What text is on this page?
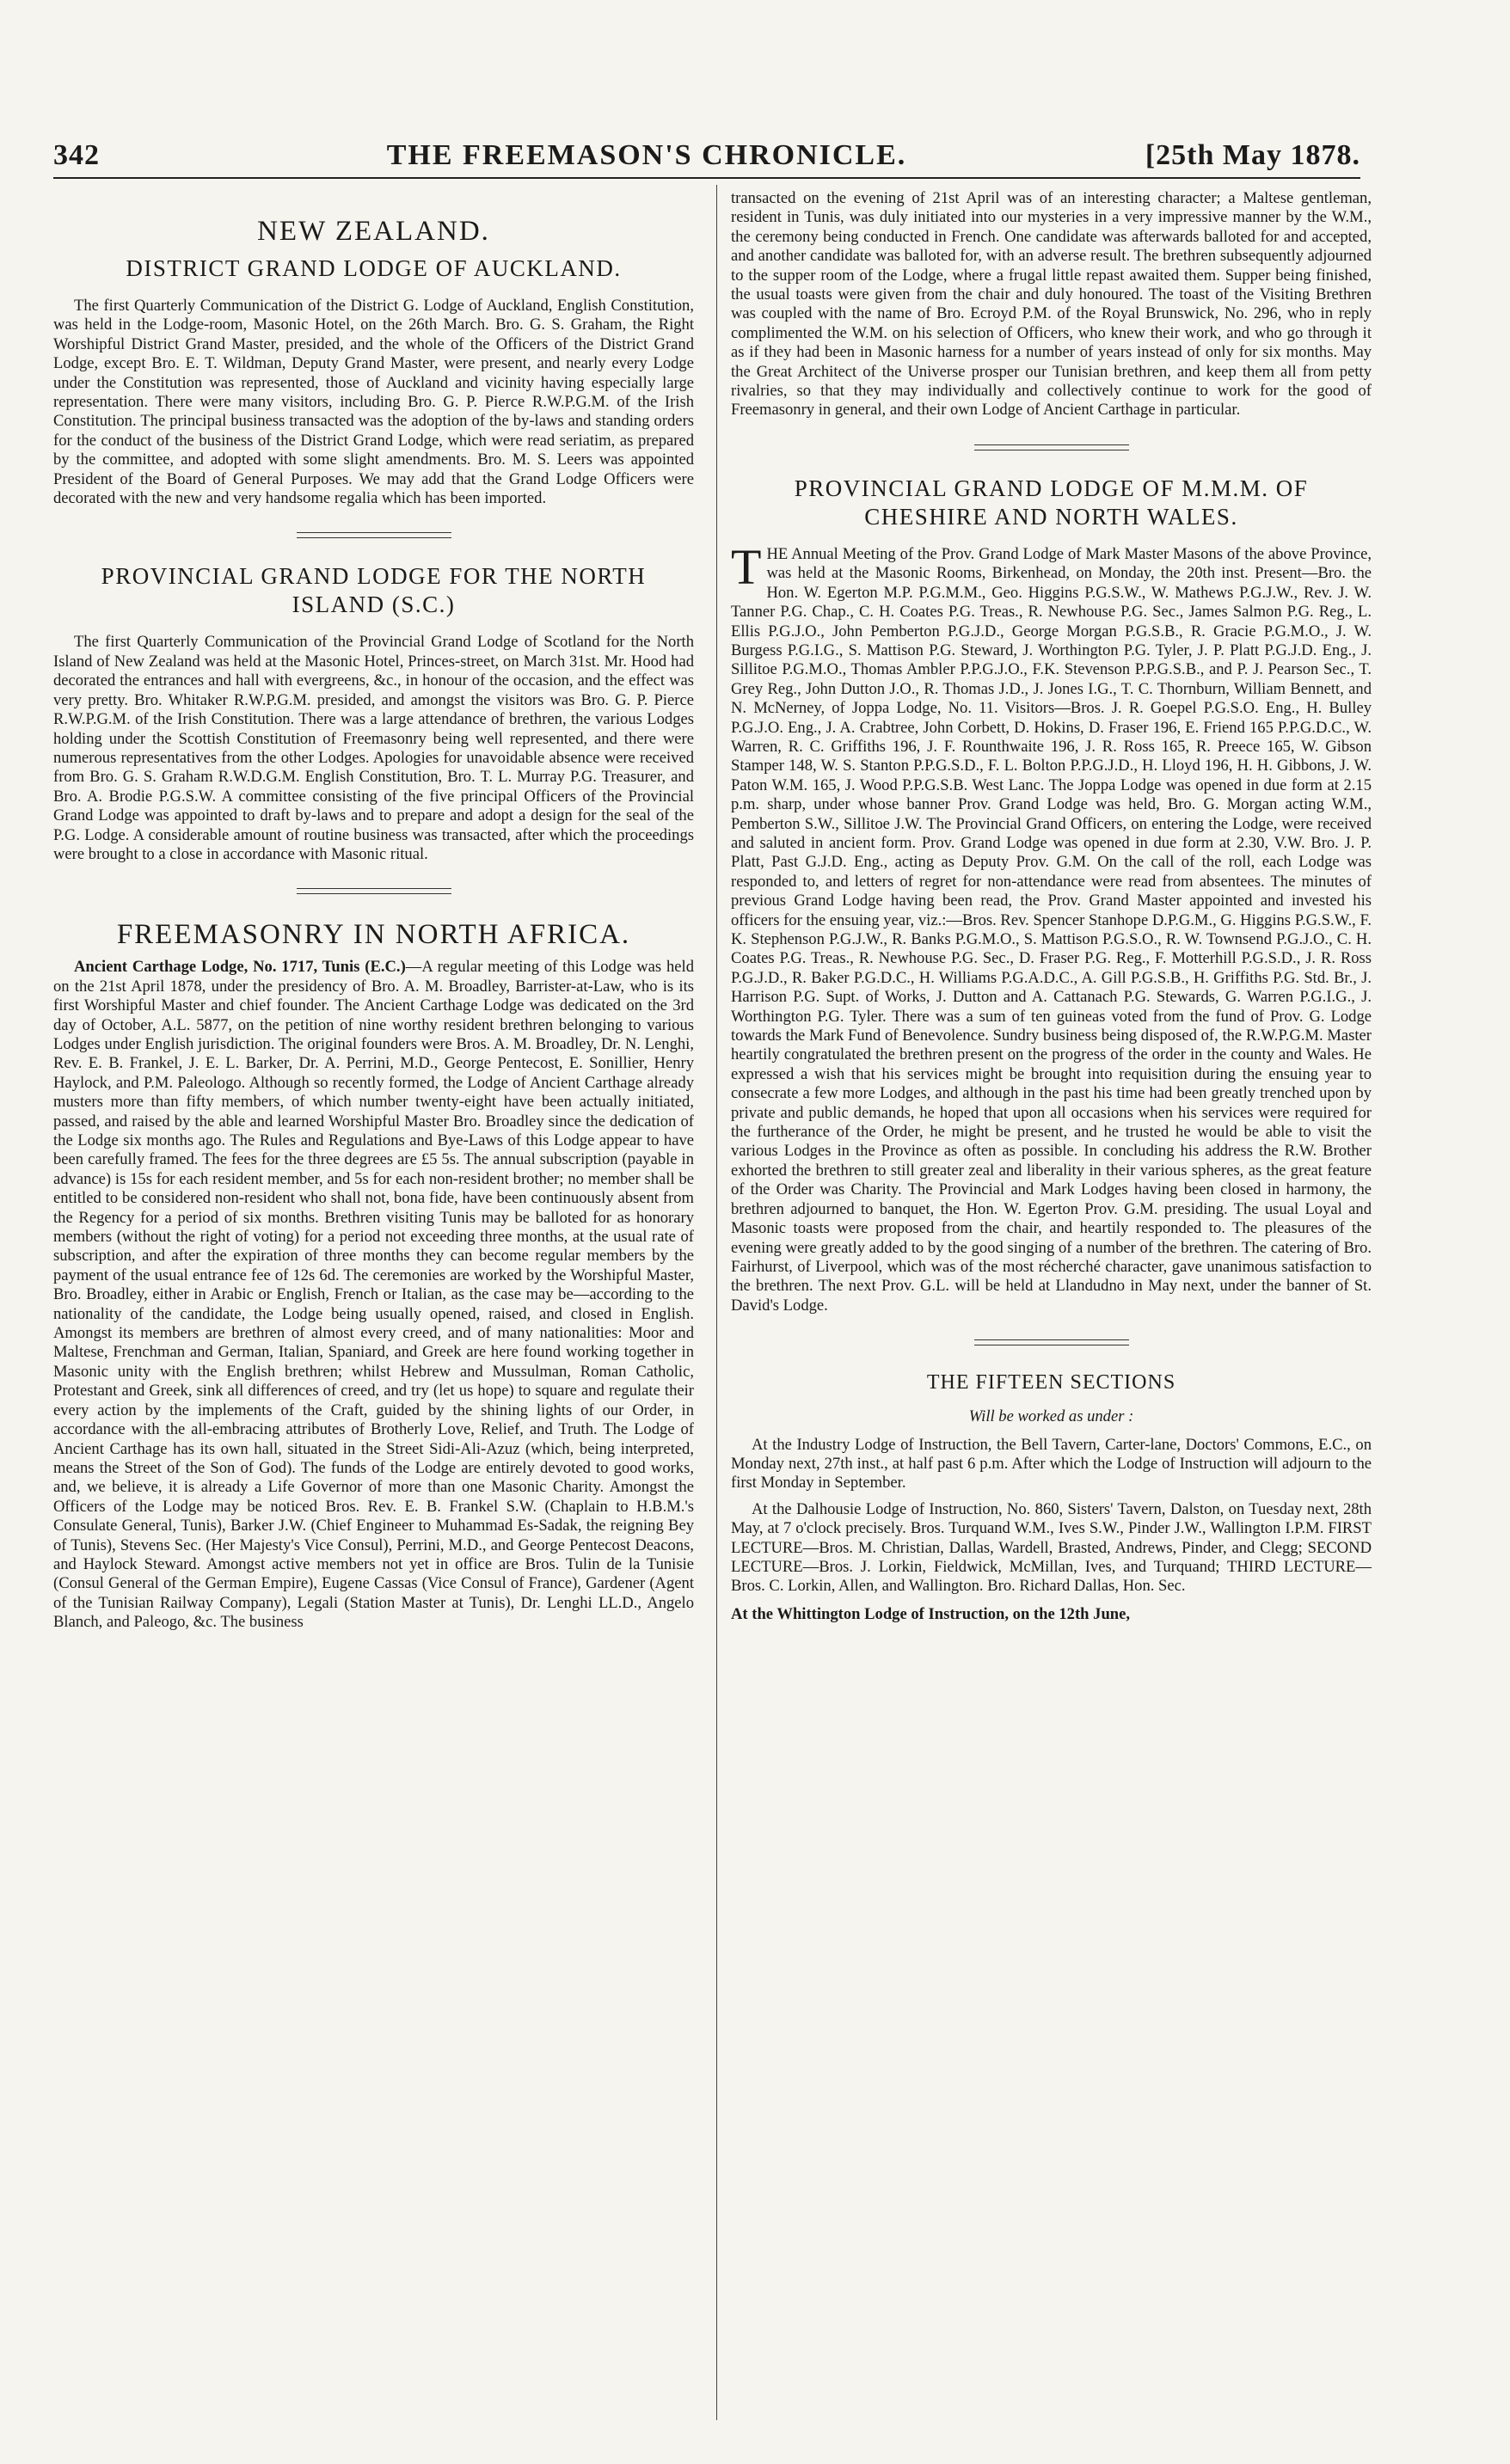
342	THE FREEMASON'S CHRONICLE.	[25th May 1878.
NEW ZEALAND.
DISTRICT GRAND LODGE OF AUCKLAND.

The first Quarterly Communication of the District G. Lodge of Auckland, English Constitution, was held in the Lodge-room, Masonic Hotel, on the 26th March. Bro. G. S. Graham, the Right Worshipful District Grand Master, presided, and the whole of the Officers of the District Grand Lodge, except Bro. E. T. Wildman, Deputy Grand Master, were present, and nearly every Lodge under the Constitution was represented, those of Auckland and vicinity having especially large representation. There were many visitors, including Bro. G. P. Pierce R.W.P.G.M. of the Irish Constitution. The principal business transacted was the adoption of the by-laws and standing orders for the conduct of the business of the District Grand Lodge, which were read seriatim, as prepared by the committee, and adopted with some slight amendments. Bro. M. S. Leers was appointed President of the Board of General Purposes. We may add that the Grand Lodge Officers were decorated with the new and very handsome regalia which has been imported.

PROVINCIAL GRAND LODGE FOR THE NORTH ISLAND (S.C.)

The first Quarterly Communication of the Provincial Grand Lodge of Scotland for the North Island of New Zealand was held at the Masonic Hotel, Princes-street, on March 31st. Mr. Hood had decorated the entrances and hall with evergreens, &c., in honour of the occasion, and the effect was very pretty. Bro. Whitaker R.W.P.G.M. presided, and amongst the visitors was Bro. G. P. Pierce R.W.P.G.M. of the Irish Constitution. There was a large attendance of brethren, the various Lodges holding under the Scottish Constitution of Freemasonry being well represented, and there were numerous representatives from the other Lodges. Apologies for unavoidable absence were received from Bro. G. S. Graham R.W.D.G.M. English Constitution, Bro. T. L. Murray P.G. Treasurer, and Bro. A. Brodie P.G.S.W. A committee consisting of the five principal Officers of the Provincial Grand Lodge was appointed to draft by-laws and to prepare and adopt a design for the seal of the P.G. Lodge. A considerable amount of routine business was transacted, after which the proceedings were brought to a close in accordance with Masonic ritual.

FREEMASONRY IN NORTH AFRICA.

Ancient Carthage Lodge, No. 1717, Tunis (E.C.)—A regular meeting of this Lodge was held on the 21st April 1878, under the presidency of Bro. A. M. Broadley, Barrister-at-Law, who is its first Worshipful Master and chief founder. The Ancient Carthage Lodge was dedicated on the 3rd day of October, A.L. 5877, on the petition of nine worthy resident brethren belonging to various Lodges under English jurisdiction. The original founders were Bros. A. M. Broadley, Dr. N. Lenghi, Rev. E. B. Frankel, J. E. L. Barker, Dr. A. Perrini, M.D., George Pentecost, E. Sonillier, Henry Haylock, and P.M. Paleologo. Although so recently formed, the Lodge of Ancient Carthage already musters more than fifty members, of which number twenty-eight have been actually initiated, passed, and raised by the able and learned Worshipful Master Bro. Broadley since the dedication of the Lodge six months ago. The Rules and Regulations and Bye-Laws of this Lodge appear to have been carefully framed. The fees for the three degrees are £5 5s. The annual subscription (payable in advance) is 15s for each resident member, and 5s for each non-resident brother; no member shall be entitled to be considered non-resident who shall not, bona fide, have been continuously absent from the Regency for a period of six months. Brethren visiting Tunis may be balloted for as honorary members (without the right of voting) for a period not exceeding three months, at the usual rate of subscription, and after the expiration of three months they can become regular members by the payment of the usual entrance fee of 12s 6d. The ceremonies are worked by the Worshipful Master, Bro. Broadley, either in Arabic or English, French or Italian, as the case may be—according to the nationality of the candidate, the Lodge being usually opened, raised, and closed in English. Amongst its members are brethren of almost every creed, and of many nationalities: Moor and Maltese, Frenchman and German, Italian, Spaniard, and Greek are here found working together in Masonic unity with the English brethren; whilst Hebrew and Mussulman, Roman Catholic, Protestant and Greek, sink all differences of creed, and try (let us hope) to square and regulate their every action by the implements of the Craft, guided by the shining lights of our Order, in accordance with the all-embracing attributes of Brotherly Love, Relief, and Truth. The Lodge of Ancient Carthage has its own hall, situated in the Street Sidi-Ali-Azuz (which, being interpreted, means the Street of the Son of God). The funds of the Lodge are entirely devoted to good works, and, we believe, it is already a Life Governor of more than one Masonic Charity. Amongst the Officers of the Lodge may be noticed Bros. Rev. E. B. Frankel S.W. (Chaplain to H.B.M.'s Consulate General, Tunis), Barker J.W. (Chief Engineer to Muhammad Es-Sadak, the reigning Bey of Tunis), Stevens Sec. (Her Majesty's Vice Consul), Perrini, M.D., and George Pentecost Deacons, and Haylock Steward. Amongst active members not yet in office are Bros. Tulin de la Tunisie (Consul General of the German Empire), Eugene Cassas (Vice Consul of France), Gardener (Agent of the Tunisian Railway Company), Legali (Station Master at Tunis), Dr. Lenghi LL.D., Angelo Blanch, and Paleogo, &c. The business

transacted on the evening of 21st April was of an interesting character; a Maltese gentleman, resident in Tunis, was duly initiated into our mysteries in a very impressive manner by the W.M., the ceremony being conducted in French. One candidate was afterwards balloted for and accepted, and another candidate was balloted for, with an adverse result. The brethren subsequently adjourned to the supper room of the Lodge, where a frugal little repast awaited them. Supper being finished, the usual toasts were given from the chair and duly honoured. The toast of the Visiting Brethren was coupled with the name of Bro. Ecroyd P.M. of the Royal Brunswick, No. 296, who in reply complimented the W.M. on his selection of Officers, who knew their work, and who go through it as if they had been in Masonic harness for a number of years instead of only for six months. May the Great Architect of the Universe prosper our Tunisian brethren, and keep them all from petty rivalries, so that they may individually and collectively continue to work for the good of Freemasonry in general, and their own Lodge of Ancient Carthage in particular.

PROVINCIAL GRAND LODGE OF M.M.M. OF CHESHIRE AND NORTH WALES.

THE Annual Meeting of the Prov. Grand Lodge of Mark Master Masons of the above Province, was held at the Masonic Rooms, Birkenhead, on Monday, the 20th inst. Present—Bro. the Hon. W. Egerton M.P. P.G.M.M., Geo. Higgins P.G.S.W., W. Mathews P.G.J.W., Rev. J. W. Tanner P.G. Chap., C. H. Coates P.G. Treas., R. Newhouse P.G. Sec., James Salmon P.G. Reg., L. Ellis P.G.J.O., John Pemberton P.G.J.D., George Morgan P.G.S.B., R. Gracie P.G.M.O., J. W. Burgess P.G.I.G., S. Mattison P.G. Steward, J. Worthington P.G. Tyler, J. P. Platt P.G.J.D. Eng., J. Sillitoe P.G.M.O., Thomas Ambler P.P.G.J.O., F.K. Stevenson P.P.G.S.B., and P. J. Pearson Sec., T. Grey Reg., John Dutton J.O., R. Thomas J.D., J. Jones I.G., T. C. Thornburn, William Bennett, and N. McNerney, of Joppa Lodge, No. 11. Visitors—Bros. J. R. Goepel P.G.S.O. Eng., H. Bulley P.G.J.O. Eng., J. A. Crabtree, John Corbett, D. Hokins, D. Fraser 196, E. Friend 165 P.P.G.D.C., W. Warren, R. C. Griffiths 196, J. F. Rounthwaite 196, J. R. Ross 165, R. Preece 165, W. Gibson Stamper 148, W. S. Stanton P.P.G.S.D., F. L. Bolton P.P.G.J.D., H. Lloyd 196, H. H. Gibbons, J. W. Paton W.M. 165, J. Wood P.P.G.S.B. West Lanc. The Joppa Lodge was opened in due form at 2.15 p.m. sharp, under whose banner Prov. Grand Lodge was held, Bro. G. Morgan acting W.M., Pemberton S.W., Sillitoe J.W. The Provincial Grand Officers, on entering the Lodge, were received and saluted in ancient form. Prov. Grand Lodge was opened in due form at 2.30, V.W. Bro. J. P. Platt, Past G.J.D. Eng., acting as Deputy Prov. G.M. On the call of the roll, each Lodge was responded to, and letters of regret for non-attendance were read from absentees. The minutes of previous Grand Lodge having been read, the Prov. Grand Master appointed and invested his officers for the ensuing year, viz.:—Bros. Rev. Spencer Stanhope D.P.G.M., G. Higgins P.G.S.W., F. K. Stephenson P.G.J.W., R. Banks P.G.M.O., S. Mattison P.G.S.O., R. W. Townsend P.G.J.O., C. H. Coates P.G. Treas., R. Newhouse P.G. Sec., D. Fraser P.G. Reg., F. Motterhill P.G.S.D., J. R. Ross P.G.J.D., R. Baker P.G.D.C., H. Williams P.G.A.D.C., A. Gill P.G.S.B., H. Griffiths P.G. Std. Br., J. Harrison P.G. Supt. of Works, J. Dutton and A. Cattanach P.G. Stewards, G. Warren P.G.I.G., J. Worthington P.G. Tyler. There was a sum of ten guineas voted from the fund of Prov. G. Lodge towards the Mark Fund of Benevolence. Sundry business being disposed of, the R.W.P.G.M. Master heartily congratulated the brethren present on the progress of the order in the county and Wales. He expressed a wish that his services might be brought into requisition during the ensuing year to consecrate a few more Lodges, and although in the past his time had been greatly trenched upon by private and public demands, he hoped that upon all occasions when his services were required for the furtherance of the Order, he might be present, and he trusted he would be able to visit the various Lodges in the Province as often as possible. In concluding his address the R.W. Brother exhorted the brethren to still greater zeal and liberality in their various spheres, as the great feature of the Order was Charity. The Provincial and Mark Lodges having been closed in harmony, the brethren adjourned to banquet, the Hon. W. Egerton Prov. G.M. presiding. The usual Loyal and Masonic toasts were proposed from the chair, and heartily responded to. The pleasures of the evening were greatly added to by the good singing of a number of the brethren. The catering of Bro. Fairhurst, of Liverpool, which was of the most récherché character, gave unanimous satisfaction to the brethren. The next Prov. G.L. will be held at Llandudno in May next, under the banner of St. David's Lodge.

THE FIFTEEN SECTIONS
Will be worked as under :

At the Industry Lodge of Instruction, the Bell Tavern, Carter-lane, Doctors' Commons, E.C., on Monday next, 27th inst., at half past 6 p.m. After which the Lodge of Instruction will adjourn to the first Monday in September.

At the Dalhousie Lodge of Instruction, No. 860, Sisters' Tavern, Dalston, on Tuesday next, 28th May, at 7 o'clock precisely. Bros. Turquand W.M., Ives S.W., Pinder J.W., Wallington I.P.M. FIRST LECTURE—Bros. M. Christian, Dallas, Wardell, Brasted, Andrews, Pinder, and Clegg; SECOND LECTURE—Bros. J. Lorkin, Fieldwick, McMillan, Ives, and Turquand; THIRD LECTURE—Bros. C. Lorkin, Allen, and Wallington. Bro. Richard Dallas, Hon. Sec.

At the Whittington Lodge of Instruction, on the 12th June,
